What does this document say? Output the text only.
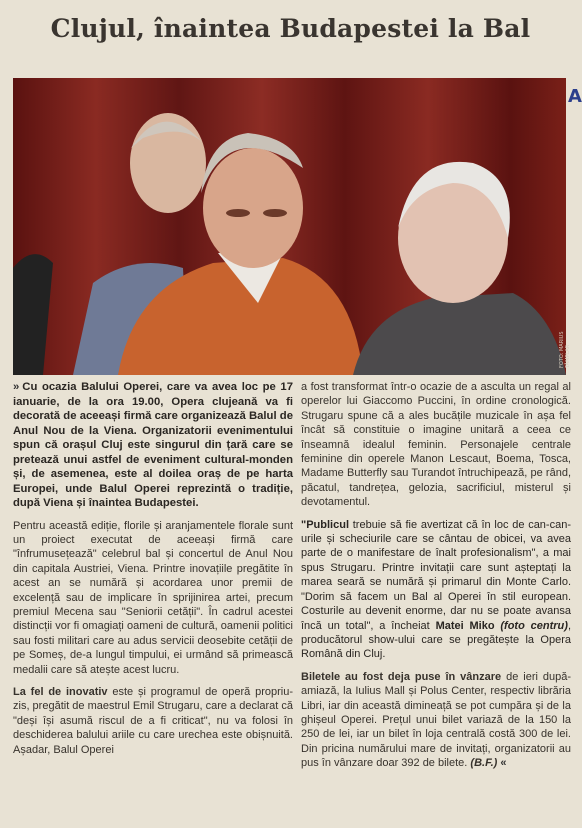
Clujul, înaintea Budapestei la Bal
A
FOTO: MARIUS TÂMPLAR

» Cu ocazia Balului Operei, care va avea loc pe 17 ianuarie, de la ora 19.00, Opera clujeană va fi decorată de aceeași firmă care organizează Balul de Anul Nou de la Viena. Organizatorii evenimentului spun că orașul Cluj este singurul din țară care se pretează unui astfel de eveniment cultural-monden și, de asemenea, este al doilea oraș de pe harta Europei, unde Balul Operei reprezintă o tradiție, după Viena și înaintea Budapestei.

Pentru această ediție, florile și aranjamentele florale sunt un proiect executat de aceeași firmă care "înfrumusețează" celebrul bal și concertul de Anul Nou din capitala Austriei, Viena. Printre inovațiile pregătite în acest an se numără și acordarea unor premii de excelență sau de implicare în sprijinirea artei, precum premiul Mecena sau "Seniorii cetății". În cadrul acestei distincții vor fi omagiați oameni de cultură, oamenii politici sau fosti militari care au adus servicii deosebite cetății de pe Someș, de-a lungul timpului, ei urmând să primească medalii care să atește acest lucru.

La fel de inovativ este și programul de operă propriu-zis, pregătit de maestrul Emil Strugaru, care a declarat că "deși își asumă riscul de a fi criticat", nu va folosi în deschiderea balului ariile cu care urechea este obișnuită. Așadar, Balul Operei

a fost transformat într-o ocazie de a asculta un regal al operelor lui Giaccomo Puccini, în ordine cronologică. Strugaru spune că a ales bucățile muzicale în așa fel încât să constituie o imagine unitară a ceea ce înseamnă idealul feminin. Personajele centrale feminine din operele Manon Lescaut, Boema, Tosca, Madame Butterfly sau Turandot întruchipează, pe rând, păcatul, tandrețea, gelozia, sacrificiul, misterul și devotamentul.

"Publicul trebuie să fie avertizat că în loc de can-can-urile și scheciurile care se cântau de obicei, va avea parte de o manifestare de înalt profesionalism", a mai spus Strugaru. Printre invitații care sunt așteptați la marea seară se numără și primarul din Monte Carlo. "Dorim să facem un Bal al Operei în stil european. Costurile au devenit enorme, dar nu se poate avansa încă un total", a încheiat Matei Miko (foto centru), producătorul show-ului care se pregătește la Opera Română din Cluj.

Biletele au fost deja puse în vânzare de ieri după-amiază, la Iulius Mall și Polus Center, respectiv librăria Libri, iar din această dimineață se pot cumpăra și de la ghișeul Operei. Prețul unui bilet variază de la 150 la 250 de lei, iar un bilet în loja centrală costă 300 de lei. Din pricina numărului mare de invitați, organizatorii au pus în vânzare doar 392 de bilete. (B.F.) «
